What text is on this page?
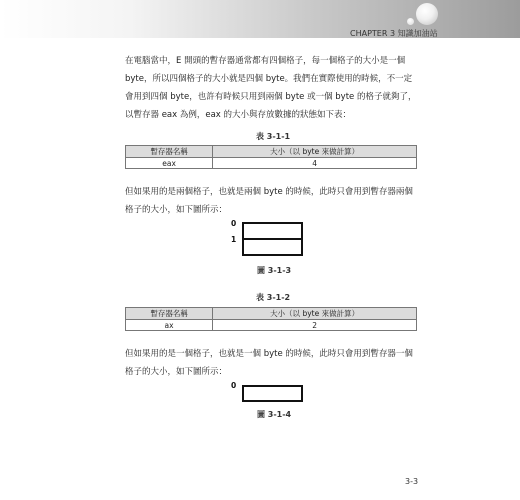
CHAPTER 3 知識加油站

在電腦當中，E 開頭的暫存器通常都有四個格子，每一個格子的大小是一個 byte，所以四個格子的大小就是四個 byte。我們在實際使用的時候，不一定會用到四個 byte，也許有時候只用到兩個 byte 或一個 byte 的格子就夠了，以暫存器 eax 為例，eax 的大小與存放數據的狀態如下表：

表 3-1-1
暫存器名稱	大小（以 byte 來做計算）
eax	4

但如果用的是兩個格子，也就是兩個 byte 的時候，此時只會用到暫存器兩個格子的大小，如下圖所示：

0
1
圖 3-1-3
表 3-1-2
暫存器名稱	大小（以 byte 來做計算）
ax	2

但如果用的是一個格子，也就是一個 byte 的時候，此時只會用到暫存器一個格子的大小，如下圖所示：

0
圖 3-1-4
3-3
